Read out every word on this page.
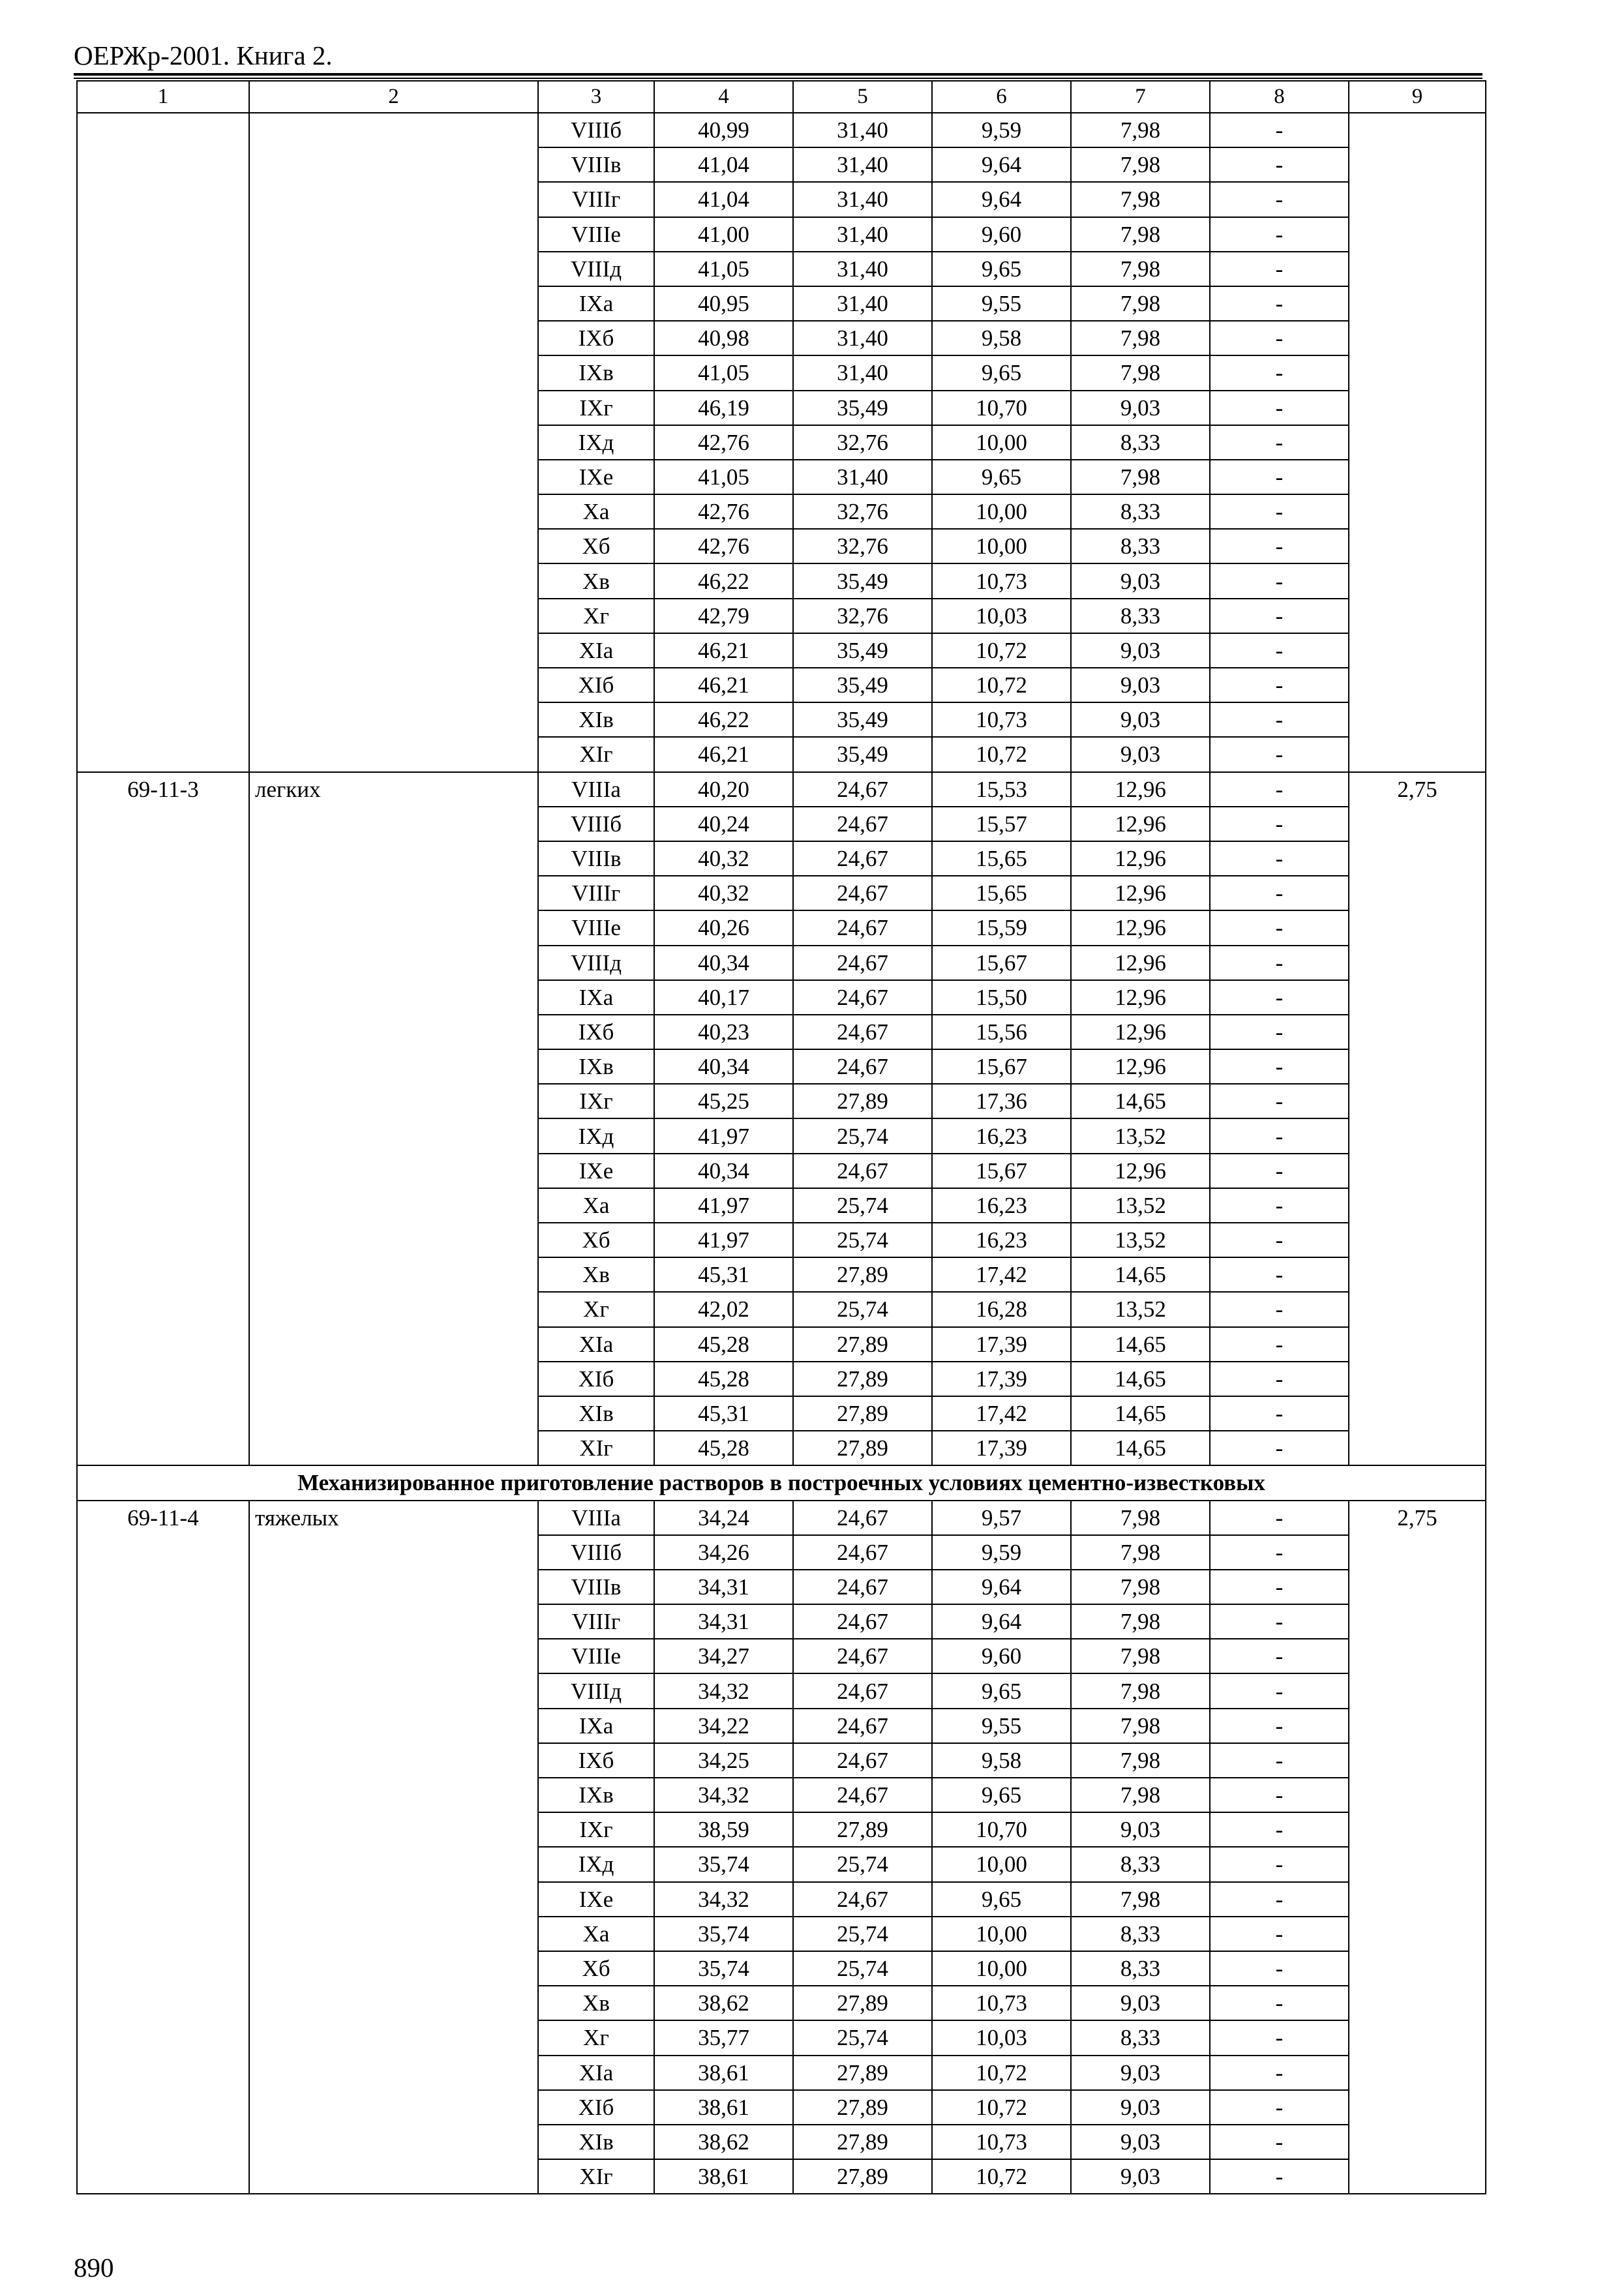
ОЕРЖр-2001. Книга 2.
1	2	3	4	5	6	7	8	9
		VIIIб	40,99	31,40	9,59	7,98	-	
		VIIIв	41,04	31,40	9,64	7,98	-	
		VIIIг	41,04	31,40	9,64	7,98	-	
		VIIIе	41,00	31,40	9,60	7,98	-	
		VIIIд	41,05	31,40	9,65	7,98	-	
		IXа	40,95	31,40	9,55	7,98	-	
		IXб	40,98	31,40	9,58	7,98	-	
		IXв	41,05	31,40	9,65	7,98	-	
		IXг	46,19	35,49	10,70	9,03	-	
		IXд	42,76	32,76	10,00	8,33	-	
		IXе	41,05	31,40	9,65	7,98	-	
		Xа	42,76	32,76	10,00	8,33	-	
		Xб	42,76	32,76	10,00	8,33	-	
		Xв	46,22	35,49	10,73	9,03	-	
		Xг	42,79	32,76	10,03	8,33	-	
		XIа	46,21	35,49	10,72	9,03	-	
		XIб	46,21	35,49	10,72	9,03	-	
		XIв	46,22	35,49	10,73	9,03	-	
		XIг	46,21	35,49	10,72	9,03	-	
69-11-3	легких	VIIIа	40,20	24,67	15,53	12,96	-	2,75
		VIIIб	40,24	24,67	15,57	12,96	-	
		VIIIв	40,32	24,67	15,65	12,96	-	
		VIIIг	40,32	24,67	15,65	12,96	-	
		VIIIе	40,26	24,67	15,59	12,96	-	
		VIIIд	40,34	24,67	15,67	12,96	-	
		IXа	40,17	24,67	15,50	12,96	-	
		IXб	40,23	24,67	15,56	12,96	-	
		IXв	40,34	24,67	15,67	12,96	-	
		IXг	45,25	27,89	17,36	14,65	-	
		IXд	41,97	25,74	16,23	13,52	-	
		IXе	40,34	24,67	15,67	12,96	-	
		Xа	41,97	25,74	16,23	13,52	-	
		Xб	41,97	25,74	16,23	13,52	-	
		Xв	45,31	27,89	17,42	14,65	-	
		Xг	42,02	25,74	16,28	13,52	-	
		XIа	45,28	27,89	17,39	14,65	-	
		XIб	45,28	27,89	17,39	14,65	-	
		XIв	45,31	27,89	17,42	14,65	-	
		XIг	45,28	27,89	17,39	14,65	-	
Механизированное приготовление растворов в построечных условиях цементно-известковых								
69-11-4	тяжелых	VIIIа	34,24	24,67	9,57	7,98	-	2,75
		VIIIб	34,26	24,67	9,59	7,98	-	
		VIIIв	34,31	24,67	9,64	7,98	-	
		VIIIг	34,31	24,67	9,64	7,98	-	
		VIIIе	34,27	24,67	9,60	7,98	-	
		VIIIд	34,32	24,67	9,65	7,98	-	
		IXа	34,22	24,67	9,55	7,98	-	
		IXб	34,25	24,67	9,58	7,98	-	
		IXв	34,32	24,67	9,65	7,98	-	
		IXг	38,59	27,89	10,70	9,03	-	
		IXд	35,74	25,74	10,00	8,33	-	
		IXе	34,32	24,67	9,65	7,98	-	
		Xа	35,74	25,74	10,00	8,33	-	
		Xб	35,74	25,74	10,00	8,33	-	
		Xв	38,62	27,89	10,73	9,03	-	
		Xг	35,77	25,74	10,03	8,33	-	
		XIа	38,61	27,89	10,72	9,03	-	
		XIб	38,61	27,89	10,72	9,03	-	
		XIв	38,62	27,89	10,73	9,03	-	
		XIг	38,61	27,89	10,72	9,03	-	
890
